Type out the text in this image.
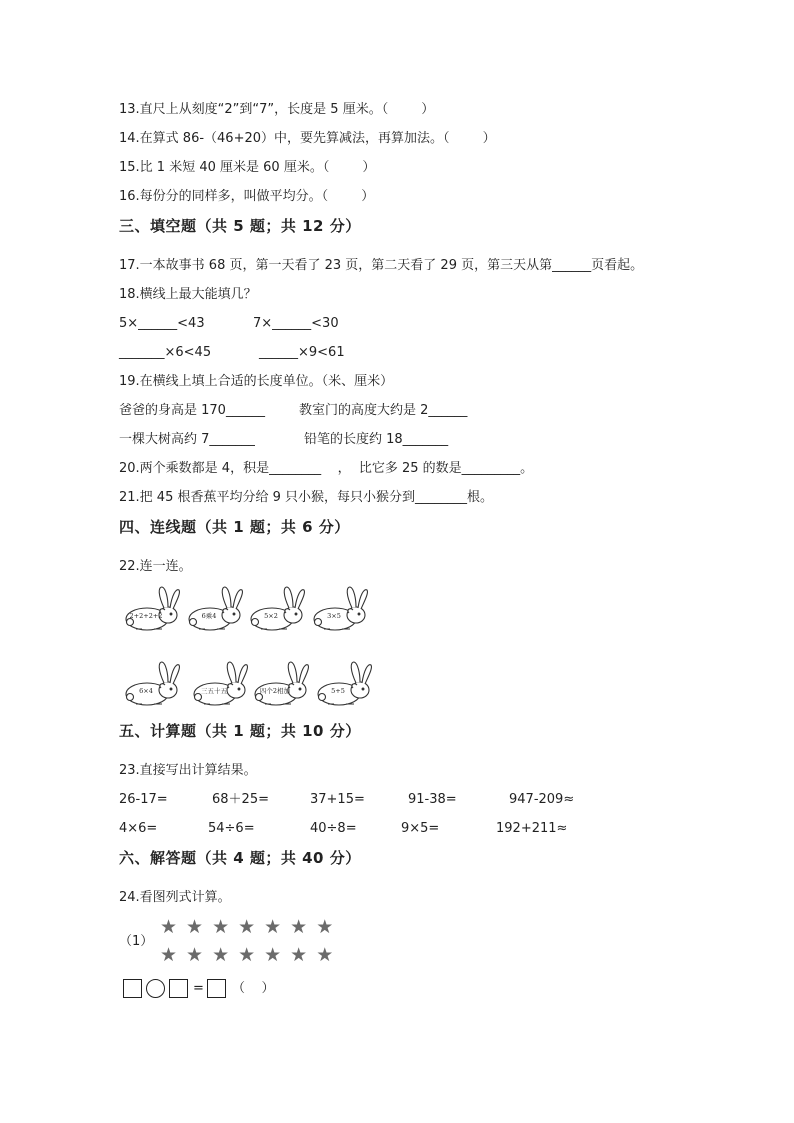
13.直尺上从刻度“2”到“7”，长度是 5 厘米。（        ）
14.在算式 86-（46+20）中，要先算减法，再算加法。（        ）
15.比 1 米短 40 厘米是 60 厘米。（        ）
16.每份分的同样多，叫做平均分。（        ）
三、填空题（共 5 题；共 12 分）
17.一本故事书 68 页，第一天看了 23 页，第二天看了 29 页，第三天从第______页看起。
18.横线上最大能填几？
5×______<43	7×______<30
_______×6<45	______×9<61
19.在横线上填上合适的长度单位。（米、厘米）
爸爸的身高是 170______	教室门的高度大约是 2______
一棵大树高约 7_______	铅笔的长度约 18_______
20.两个乘数都是 4，积是________    ，  比它多 25 的数是_________。
21.把 45 根香蕉平均分给 9 只小猴，每只小猴分到________根。
四、连线题（共 1 题；共 6 分）
22.连一连。
2+2+2+2	6乘4	5×2	3×5
6×4	三五十五	四个2相加	5+5
五、计算题（共 1 题；共 10 分）
23.直接写出计算结果。
26-17=	68＋25=	37+15=	91-38=	947-209≈
4×6=	54÷6=	40÷8=	9×5=	192+211≈
六、解答题（共 4 题；共 40 分）
24.看图列式计算。
（1）
★★★★★★★
★★★★★★★
= （    ）
